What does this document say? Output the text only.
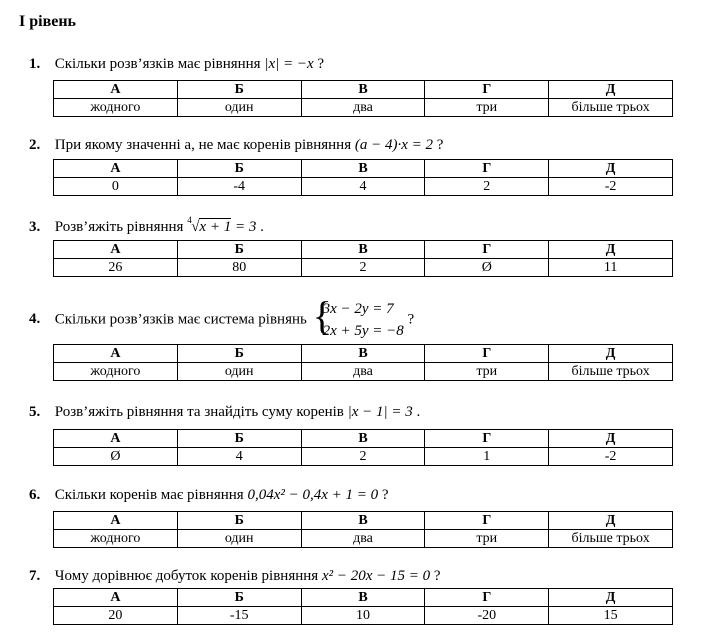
І рівень
1. Скільки розв’язків має рівняння |x| = −x ?
А	Б	В	Г	Д
жодного	один	два	три	більше трьох
2. При якому значенні а, не має коренів рівняння (a − 4)·x = 2 ?
А	Б	В	Г	Д
0	-4	4	2	-2
3. Розв’яжіть рівняння 4 √x + 1 = 3 .
А	Б	В	Г	Д
26	80	2	Ø	11
4. Скільки розв’язків має система рівнянь {
3x − 2y = 7
2x + 5y = −8
?
А	Б	В	Г	Д
жодного	один	два	три	більше трьох
5. Розв’яжіть рівняння та знайдіть суму коренів |x − 1| = 3 .
А	Б	В	Г	Д
Ø	4	2	1	-2
6. Скільки коренів має рівняння 0,04x² − 0,4x + 1 = 0 ?
А	Б	В	Г	Д
жодного	один	два	три	більше трьох
7. Чому дорівнює добуток коренів рівняння x² − 20x − 15 = 0 ?
А	Б	В	Г	Д
20	-15	10	-20	15
